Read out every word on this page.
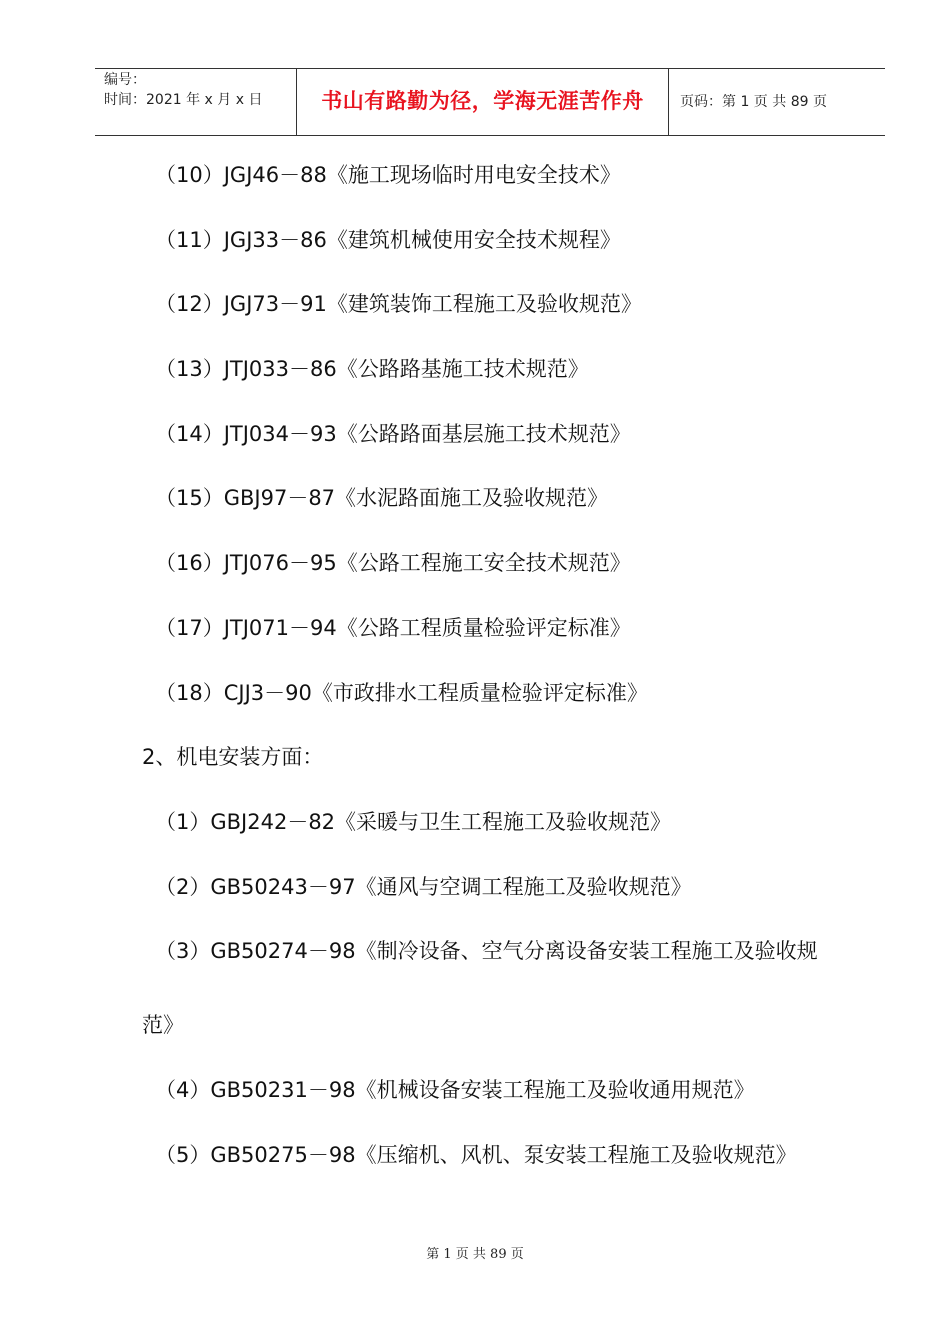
编号：
时间：2021 年 x 月 x 日	书山有路勤为径，学海无涯苦作舟	页码：第 1 页 共 89 页
（10）JGJ46－88《施工现场临时用电安全技术》
（11）JGJ33－86《建筑机械使用安全技术规程》
（12）JGJ73－91《建筑装饰工程施工及验收规范》
（13）JTJ033－86《公路路基施工技术规范》
（14）JTJ034－93《公路路面基层施工技术规范》
（15）GBJ97－87《水泥路面施工及验收规范》
（16）JTJ076－95《公路工程施工安全技术规范》
（17）JTJ071－94《公路工程质量检验评定标准》
（18）CJJ3－90《市政排水工程质量检验评定标准》
2、机电安装方面：
（1）GBJ242－82《采暖与卫生工程施工及验收规范》
（2）GB50243－97《通风与空调工程施工及验收规范》
（3）GB50274－98《制冷设备、空气分离设备安装工程施工及验收规
范》
（4）GB50231－98《机械设备安装工程施工及验收通用规范》
（5）GB50275－98《压缩机、风机、泵安装工程施工及验收规范》
第 1 页 共 89 页
